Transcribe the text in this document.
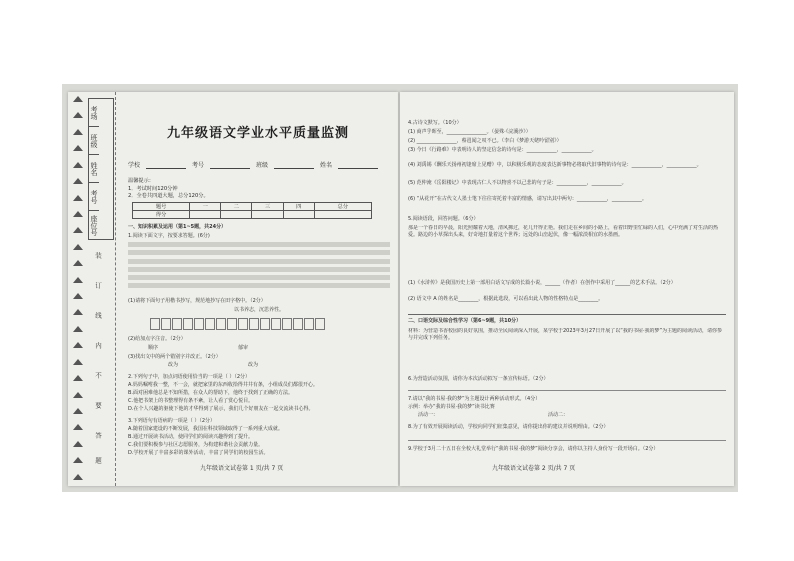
考场
班级
姓名
考号
座位号
装
订
线
内
不
要
答
题
九年级语文学业水平质量监测
学校	考号	班级	姓名
温馨提示：
1．考试时间120分钟
2．全卷共四道大题，总分120分。
题号	一	二	三	四	总分
得分					
一、知识积累及运用（第1~5题，共24分）
1.阅读下面文字，按要求答题。(6分)
(1)请将下面句子用楷书抄写，规范地抄写在田字格中。（2分）
以书养志，沉思养性。
(2)给加点字注音。（2分）
顺序	郁审
(3)找出文中的两个错别字并改正。（2分）
改为	改为
2.下列句子中，加点词语使用恰当的一项是（ ）（2分）
A.妈妈嘱咐我一整，不一会，就把家里的东西收拾得井井有条，小组成员们都很开心。
B.面对困难他总是不知所措，在众人的帮助下，他终于找到了正确的方法。
C.他把书架上的书整理得有条不紊，让人看了赏心悦目。
D.在个人兴趣的驱使下他的才华得到了展示，我们几个好朋友在一起交流读书心得。
3.下列语句有语病的一项是（ ）（2分）
A.随着国家建设的不断发展，我国在科技领域取得了一系列重大成就。
B.通过开展读书活动，使同学们的阅读兴趣得到了提升。
C.我们要积极参与社区志愿服务，为构建和谐社会贡献力量。
D.学校开展了丰富多彩的课外活动，丰富了同学们的校园生活。
九年级语文试卷第 1 页/共 7 页
4.古诗文默写。（10分）
(1) 商声乎晖至，________________。（晏殊·《浣溪沙》）
(2) ________________，蔡邕闻之叹不已。（李白《梦游天姥吟留别》）
(3) 今日《行路难》中表明诗人的坚定信念的诗句是：____________，____________。
(4) 刘禹锡《酬乐天扬州初逢席上见赠》中，以积极乐观的态度表达新事物必将取代旧事物的诗句是：____________，____________。
(5) 范仲淹《岳阳楼记》中表现古仁人不以物喜不以己悲的句子是：____________，____________。
(6) “从花开”在古代文人墨士笔下往往寄托着丰富的情感，请写出其中两句：____________，____________。
5.阅读语段，回答问题。（6分）
那是一个春日的早晨，阳光照耀着大地，清风拂过，花儿开得正艳。我们走在乡间的小路上，看着田野里忙碌的人们，心中充满了对生活的热爱。路边的小草探出头来，好奇地打量着这个世界；远处的山峦起伏，像一幅浓淡相宜的水墨画。
(1)《水浒传》是我国历史上第一部用白话文写成的长篇小说，______（作者）在创作中采用了______的艺术手法。（2分）
(2) 语文中 A 的姓名是________，根据此选段，可以看出此人物的性格特点是________。
二、口语交际及综合性学习（第6~9题，共10分）
材料：为营造书香校园的良好氛围，推动全民阅读深入开展，某学校于2023年3月27日开展了以“我的书屋·我的梦”为主题的阅读活动，请你参与并完成下列任务。
6.为营造活动氛围，请你为本次活动拟写一条宣传标语。（2分）
7.请以“我的书屋·我的梦”为主题设计两种活动形式。（4分）
示例：举办“我的书屋·我的梦”读书比赛
活动一：	活动二：
8.为了有效开展阅读活动，学校向同学们征集意见，请你提出你的建议并说明理由。（2分）
9.学校于3月二十五日在全校大礼堂举行“我的书屋·我的梦”阅读分享会，请你以主持人身份写一段开场白。（2分）
九年级语文试卷第 2 页/共 7 页
